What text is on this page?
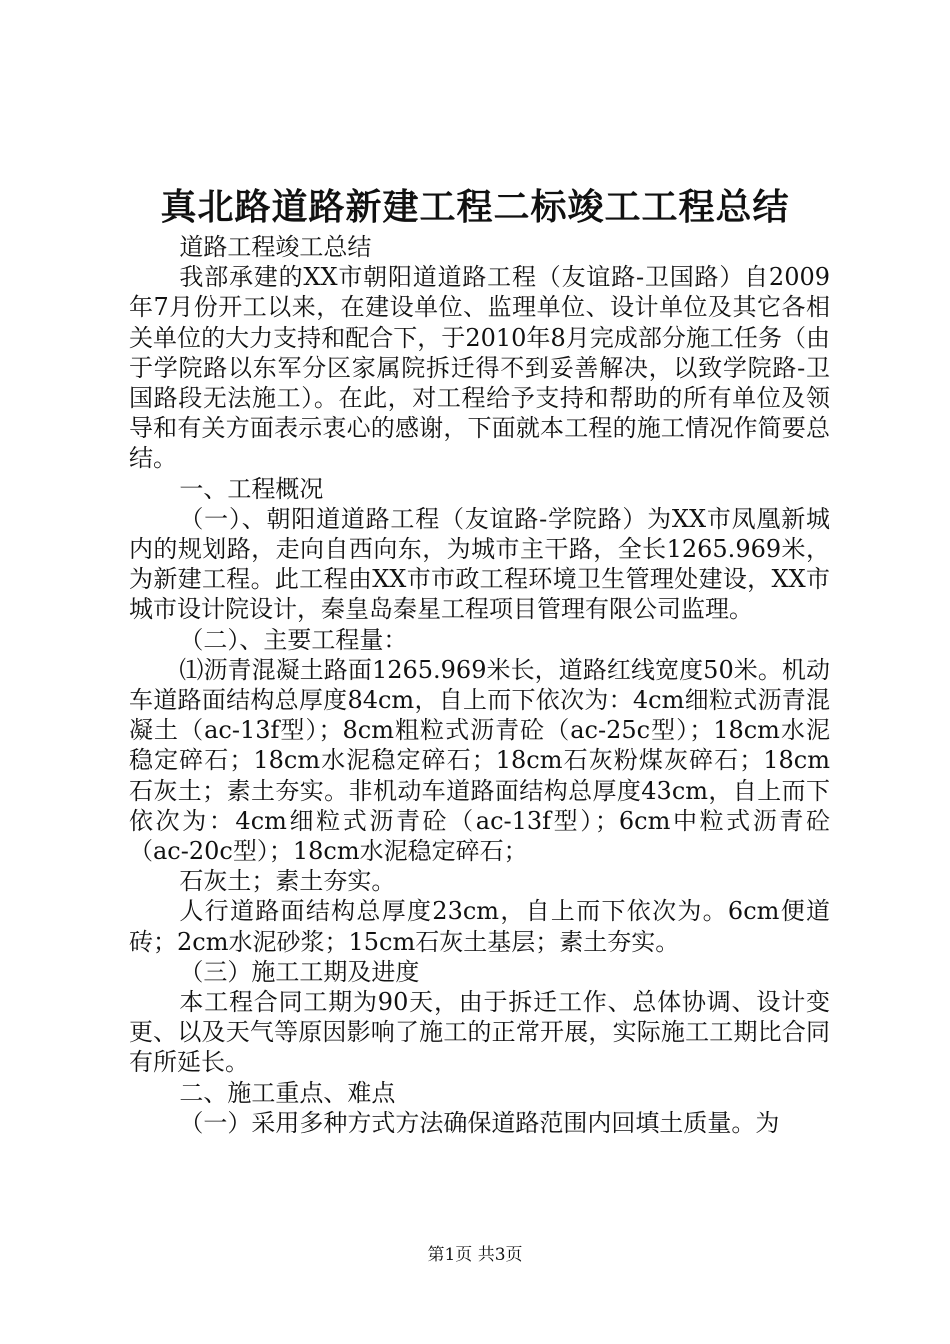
真北路道路新建工程二标竣工工程总结

道路工程竣工总结

我部承建的XX市朝阳道道路工程（友谊路-卫国路）自2009年7月份开工以来，在建设单位、监理单位、设计单位及其它各相关单位的大力支持和配合下，于2010年8月完成部分施工任务（由于学院路以东军分区家属院拆迁得不到妥善解决，以致学院路-卫国路段无法施工）。在此，对工程给予支持和帮助的所有单位及领导和有关方面表示衷心的感谢，下面就本工程的施工情况作简要总结。

一、工程概况

（一）、朝阳道道路工程（友谊路-学院路）为XX市凤凰新城内的规划路，走向自西向东，为城市主干路，全长1265.969米，为新建工程。此工程由XX市市政工程环境卫生管理处建设，XX市城市设计院设计，秦皇岛秦星工程项目管理有限公司监理。

（二）、主要工程量：

⑴沥青混凝土路面1265.969米长，道路红线宽度50米。机动车道路面结构总厚度84cm，自上而下依次为：4cm细粒式沥青混凝土（ac-13f型）；8cm粗粒式沥青砼（ac-25c型）；18cm水泥稳定碎石；18cm水泥稳定碎石；18cm石灰粉煤灰碎石；18cm石灰土；素土夯实。非机动车道路面结构总厚度43cm，自上而下依次为：4cm细粒式沥青砼（ac-13f型）；6cm中粒式沥青砼（ac-20c型）；18cm水泥稳定碎石；

石灰土；素土夯实。

人行道路面结构总厚度23cm，自上而下依次为。6cm便道砖；2cm水泥砂浆；15cm石灰土基层；素土夯实。

（三）施工工期及进度

本工程合同工期为90天，由于拆迁工作、总体协调、设计变更、以及天气等原因影响了施工的正常开展，实际施工工期比合同有所延长。

二、施工重点、难点

（一）采用多种方式方法确保道路范围内回填土质量。为

第1页 共3页
